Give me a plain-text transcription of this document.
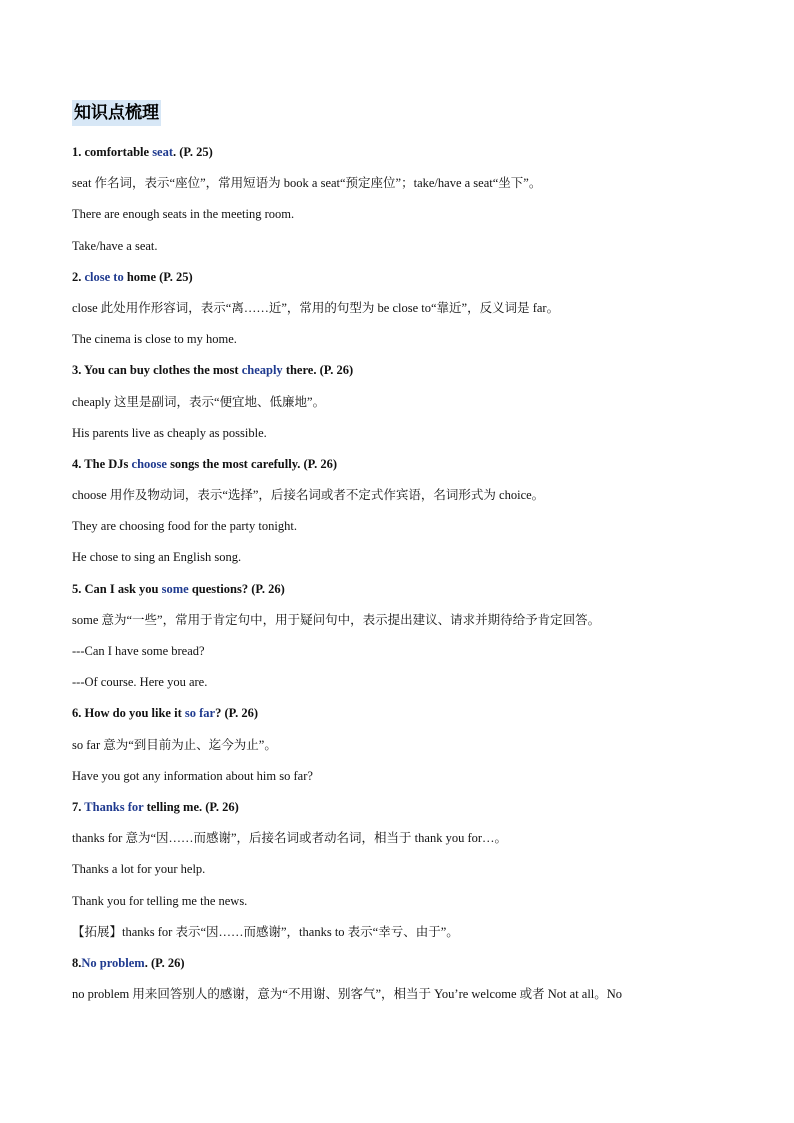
知识点梳理
1. comfortable seat. (P. 25)
seat 作名词，表示“座位”，常用短语为 book a seat“预定座位”；take/have a seat“坐下”。
There are enough seats in the meeting room.
Take/have a seat.
2. close to home (P. 25)
close 此处用作形容词，表示“离……近”，常用的句型为 be close to“靠近”，反义词是 far。
The cinema is close to my home.
3. You can buy clothes the most cheaply there. (P. 26)
cheaply 这里是副词，表示“便宜地、低廉地”。
His parents live as cheaply as possible.
4. The DJs choose songs the most carefully. (P. 26)
choose 用作及物动词，表示“选择”，后接名词或者不定式作宾语，名词形式为 choice。
They are choosing food for the party tonight.
He chose to sing an English song.
5. Can I ask you some questions? (P. 26)
some 意为“一些”，常用于肯定句中，用于疑问句中，表示提出建议、请求并期待给予肯定回答。
---Can I have some bread?
---Of course. Here you are.
6. How do you like it so far? (P. 26)
so far 意为“到目前为止、迄今为止”。
Have you got any information about him so far?
7. Thanks for telling me. (P. 26)
thanks for 意为“因……而感谢”，后接名词或者动名词，相当于 thank you for…。
Thanks a lot for your help.
Thank you for telling me the news.
【拓展】thanks for 表示“因……而感谢”，thanks to 表示“幸亏、由于”。
8.No problem. (P. 26)
no problem 用来回答别人的感谢，意为“不用谢、别客气”，相当于 You’re welcome 或者 Not at all。No
